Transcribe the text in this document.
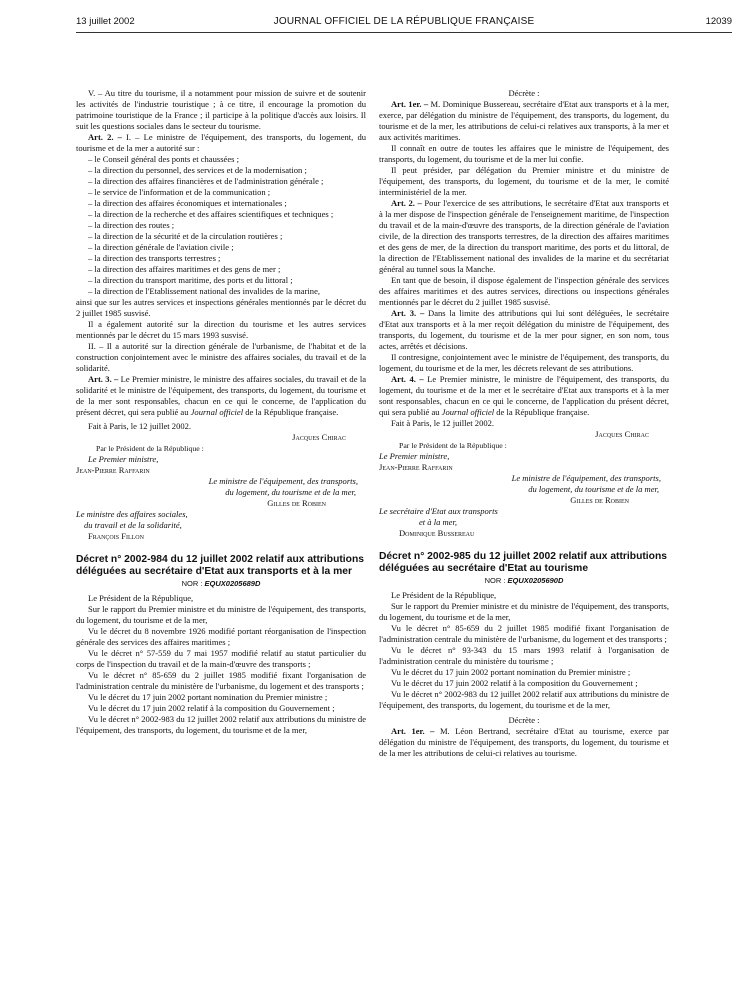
13 juillet 2002	JOURNAL OFFICIEL DE LA RÉPUBLIQUE FRANÇAISE	12039

V. – Au titre du tourisme, il a notamment pour mission de suivre et de soutenir les activités de l'industrie touristique ; à ce titre, il encourage la promotion du patrimoine touristique de la France ; il participe à la politique d'accès aux loisirs. Il suit les questions sociales dans le secteur du tourisme.

Art. 2. – I. – Le ministre de l'équipement, des transports, du logement, du tourisme et de la mer a autorité sur :

– le Conseil général des ponts et chaussées ;
– la direction du personnel, des services et de la modernisation ;
– la direction des affaires financières et de l'administration générale ;
– le service de l'information et de la communication ;
– la direction des affaires économiques et internationales ;
– la direction de la recherche et des affaires scientifiques et techniques ;
– la direction des routes ;
– la direction de la sécurité et de la circulation routières ;
– la direction générale de l'aviation civile ;
– la direction des transports terrestres ;
– la direction des affaires maritimes et des gens de mer ;
– la direction du transport maritime, des ports et du littoral ;
– la direction de l'Etablissement national des invalides de la marine,

ainsi que sur les autres services et inspections générales mentionnés par le décret du 2 juillet 1985 susvisé.

Il a également autorité sur la direction du tourisme et les autres services mentionnés par le décret du 15 mars 1993 susvisé.

II. – Il a autorité sur la direction générale de l'urbanisme, de l'habitat et de la construction conjointement avec le ministre des affaires sociales, du travail et de la solidarité.

Art. 3. – Le Premier ministre, le ministre des affaires sociales, du travail et de la solidarité et le ministre de l'équipement, des transports, du logement, du tourisme et de la mer sont responsables, chacun en ce qui le concerne, de l'application du présent décret, qui sera publié au Journal officiel de la République française.

Fait à Paris, le 12 juillet 2002.

Jacques Chirac

Par le Président de la République :

Le Premier ministre,

Jean-Pierre Raffarin

Le ministre de l'équipement, des transports,

du logement, du tourisme et de la mer,

Gilles de Robien

Le ministre des affaires sociales,

du travail et de la solidarité,

François Fillon

Décret n° 2002-984 du 12 juillet 2002 relatif aux attributions déléguées au secrétaire d'Etat aux transports et à la mer

NOR : EQUX0205689D

Le Président de la République,

Sur le rapport du Premier ministre et du ministre de l'équipement, des transports, du logement, du tourisme et de la mer,

Vu le décret du 8 novembre 1926 modifié portant réorganisation de l'inspection générale des services des affaires maritimes ;

Vu le décret n° 57-559 du 7 mai 1957 modifié relatif au statut particulier du corps de l'inspection du travail et de la main-d'œuvre des transports ;

Vu le décret n° 85-659 du 2 juillet 1985 modifié fixant l'organisation de l'administration centrale du ministère de l'urbanisme, du logement et des transports ;

Vu le décret du 17 juin 2002 portant nomination du Premier ministre ;

Vu le décret du 17 juin 2002 relatif à la composition du Gouvernement ;

Vu le décret n° 2002-983 du 12 juillet 2002 relatif aux attributions du ministre de l'équipement, des transports, du logement, du tourisme et de la mer,

Décrète :

Art. 1er. – M. Dominique Bussereau, secrétaire d'Etat aux transports et à la mer, exerce, par délégation du ministre de l'équipement, des transports, du logement, du tourisme et de la mer, les attributions de celui-ci relatives aux transports, à la mer et aux activités maritimes.

Il connaît en outre de toutes les affaires que le ministre de l'équipement, des transports, du logement, du tourisme et de la mer lui confie.

Il peut présider, par délégation du Premier ministre et du ministre de l'équipement, des transports, du logement, du tourisme et de la mer, le comité interministériel de la mer.

Art. 2. – Pour l'exercice de ses attributions, le secrétaire d'Etat aux transports et à la mer dispose de l'inspection générale de l'enseignement maritime, de l'inspection du travail et de la main-d'œuvre des transports, de la direction générale de l'aviation civile, de la direction des transports terrestres, de la direction des affaires maritimes et des gens de mer, de la direction du transport maritime, des ports et du littoral, de la direction de l'Etablissement national des invalides de la marine et du secrétariat général au tunnel sous la Manche.

En tant que de besoin, il dispose également de l'inspection générale des services des affaires maritimes et des autres services, directions ou inspections générales mentionnés par le décret du 2 juillet 1985 susvisé.

Art. 3. – Dans la limite des attributions qui lui sont déléguées, le secrétaire d'Etat aux transports et à la mer reçoit délégation du ministre de l'équipement, des transports, du logement, du tourisme et de la mer pour signer, en son nom, tous actes, arrêtés et décisions.

Il contresigne, conjointement avec le ministre de l'équipement, des transports, du logement, du tourisme et de la mer, les décrets relevant de ses attributions.

Art. 4. – Le Premier ministre, le ministre de l'équipement, des transports, du logement, du tourisme et de la mer et le secrétaire d'Etat aux transports et à la mer sont responsables, chacun en ce qui le concerne, de l'application du présent décret, qui sera publié au Journal officiel de la République française.

Fait à Paris, le 12 juillet 2002.

Jacques Chirac

Par le Président de la République :

Le Premier ministre,

Jean-Pierre Raffarin

Le ministre de l'équipement, des transports,

du logement, du tourisme et de la mer,

Gilles de Robien

Le secrétaire d'Etat aux transports

et à la mer,

Dominique Bussereau

Décret n° 2002-985 du 12 juillet 2002 relatif aux attributions déléguées au secrétaire d'Etat au tourisme

NOR : EQUX0205690D

Le Président de la République,

Sur le rapport du Premier ministre et du ministre de l'équipement, des transports, du logement, du tourisme et de la mer,

Vu le décret n° 85-659 du 2 juillet 1985 modifié fixant l'organisation de l'administration centrale du ministère de l'urbanisme, du logement et des transports ;

Vu le décret n° 93-343 du 15 mars 1993 relatif à l'organisation de l'administration centrale du ministère du tourisme ;

Vu le décret du 17 juin 2002 portant nomination du Premier ministre ;

Vu le décret du 17 juin 2002 relatif à la composition du Gouvernement ;

Vu le décret n° 2002-983 du 12 juillet 2002 relatif aux attributions du ministre de l'équipement, des transports, du logement, du tourisme et de la mer,

Décrète :

Art. 1er. – M. Léon Bertrand, secrétaire d'Etat au tourisme, exerce par délégation du ministre de l'équipement, des transports, du logement, du tourisme et de la mer les attributions de celui-ci relatives au tourisme.
